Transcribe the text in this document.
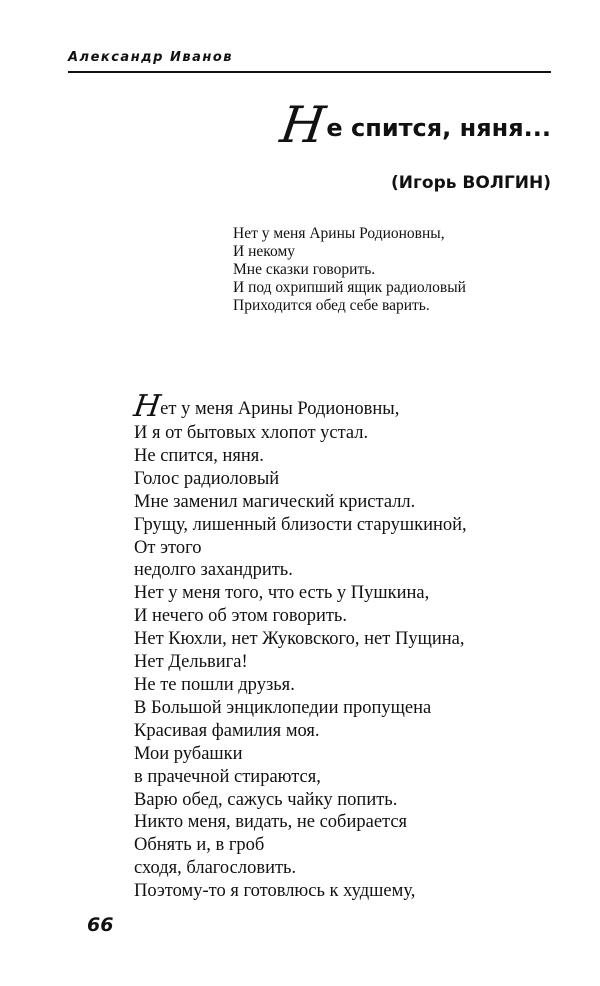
Александр Иванов
Не спится, няня...
(Игорь ВОЛГИН)
Нет у меня Арины Родионовны,
И некому
Мне сказки говорить.
И под охрипший ящик радиоловый
Приходится обед себе варить.
Нет у меня Арины Родионовны,
И я от бытовых хлопот устал.
Не спится, няня.
Голос радиоловый
Мне заменил магический кристалл.
Грущу, лишенный близости старушкиной,
От этого
недолго захандрить.
Нет у меня того, что есть у Пушкина,
И нечего об этом говорить.
Нет Кюхли, нет Жуковского, нет Пущина,
Нет Дельвига!
Не те пошли друзья.
В Большой энциклопедии пропущена
Красивая фамилия моя.
Мои рубашки
в прачечной стираются,
Варю обед, сажусь чайку попить.
Никто меня, видать, не собирается
Обнять и, в гроб
сходя, благословить.
Поэтому-то я готовлюсь к худшему,
66
